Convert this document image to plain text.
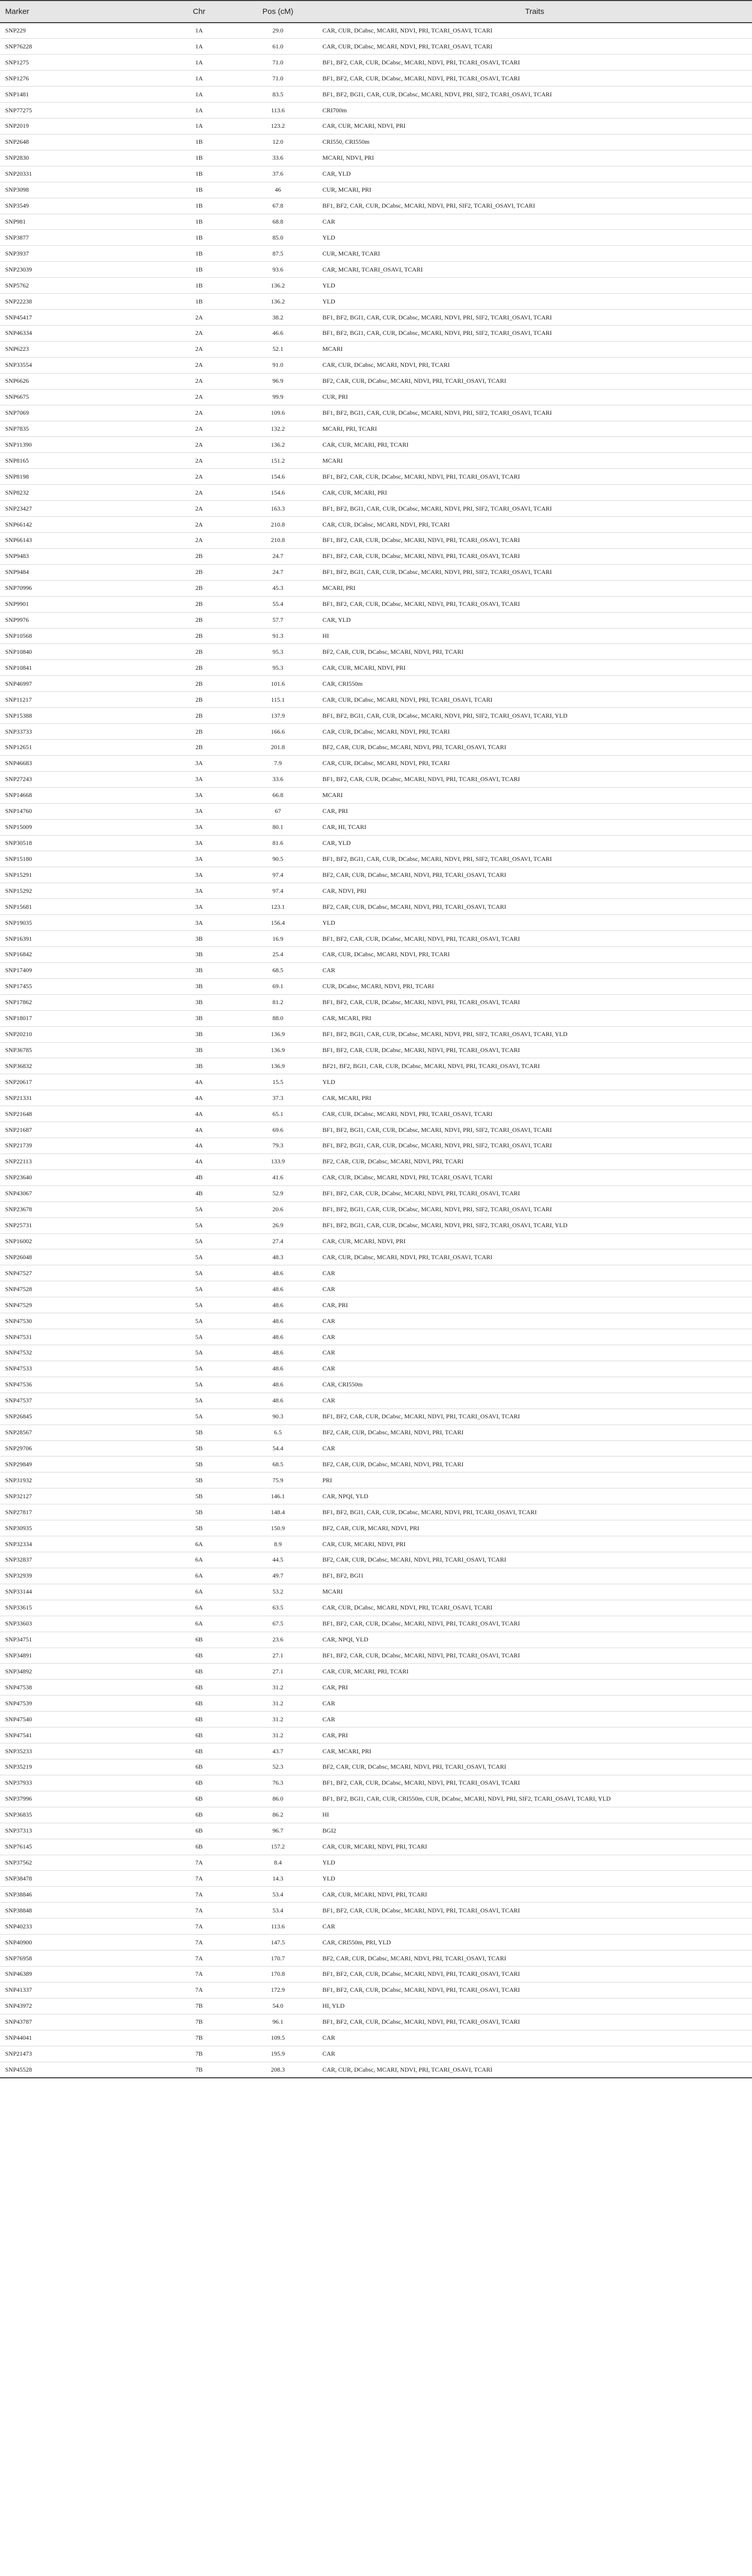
Marker	Chr	Pos (cM)	Traits
SNP229	1A	29.0	CAR, CUR, DCabsc, MCARI, NDVI, PRI, TCARI_OSAVI, TCARI
SNP76228	1A	61.0	CAR, CUR, DCabsc, MCARI, NDVI, PRI, TCARI_OSAVI, TCARI
SNP1275	1A	71.0	BF1, BF2, CAR, CUR, DCabsc, MCARI, NDVI, PRI, TCARI_OSAVI, TCARI
SNP1276	1A	71.0	BF1, BF2, CAR, CUR, DCabsc, MCARI, NDVI, PRI, TCARI_OSAVI, TCARI
SNP1481	1A	83.5	BF1, BF2, BGI1, CAR, CUR, DCabsc, MCARI, NDVI, PRI, SIF2, TCARI_OSAVI, TCARI
SNP77275	1A	113.6	CRI700m
SNP2019	1A	123.2	CAR, CUR, MCARI, NDVI, PRI
SNP2648	1B	12.0	CRI550, CRI550m
SNP2830	1B	33.6	MCARI, NDVI, PRI
SNP20331	1B	37.6	CAR, YLD
SNP3098	1B	46	CUR, MCARI, PRI
SNP3549	1B	67.8	BF1, BF2, CAR, CUR, DCabsc, MCARI, NDVI, PRI, SIF2, TCARI_OSAVI, TCARI
SNP981	1B	68.8	CAR
SNP3877	1B	85.0	YLD
SNP3937	1B	87.5	CUR, MCARI, TCARI
SNP23039	1B	93.6	CAR, MCARI, TCARI_OSAVI, TCARI
SNP5762	1B	136.2	YLD
SNP22238	1B	136.2	YLD
SNP45417	2A	38.2	BF1, BF2, BGI1, CAR, CUR, DCabsc, MCARI, NDVI, PRI, SIF2, TCARI_OSAVI, TCARI
SNP46334	2A	46.6	BF1, BF2, BGI1, CAR, CUR, DCabsc, MCARI, NDVI, PRI, SIF2, TCARI_OSAVI, TCARI
SNP6223	2A	52.1	MCARI
SNP33554	2A	91.0	CAR, CUR, DCabsc, MCARI, NDVI, PRI, TCARI
SNP6626	2A	96.9	BF2, CAR, CUR, DCabsc, MCARI, NDVI, PRI, TCARI_OSAVI, TCARI
SNP6675	2A	99.9	CUR, PRI
SNP7069	2A	109.6	BF1, BF2, BGI1, CAR, CUR, DCabsc, MCARI, NDVI, PRI, SIF2, TCARI_OSAVI, TCARI
SNP7835	2A	132.2	MCARI, PRI, TCARI
SNP11390	2A	136.2	CAR, CUR, MCARI, PRI, TCARI
SNP8165	2A	151.2	MCARI
SNP8198	2A	154.6	BF1, BF2, CAR, CUR, DCabsc, MCARI, NDVI, PRI, TCARI_OSAVI, TCARI
SNP8232	2A	154.6	CAR, CUR, MCARI, PRI
SNP23427	2A	163.3	BF1, BF2, BGI1, CAR, CUR, DCabsc, MCARI, NDVI, PRI, SIF2, TCARI_OSAVI, TCARI
SNP66142	2A	210.8	CAR, CUR, DCabsc, MCARI, NDVI, PRI, TCARI
SNP66143	2A	210.8	BF1, BF2, CAR, CUR, DCabsc, MCARI, NDVI, PRI, TCARI_OSAVI, TCARI
SNP9483	2B	24.7	BF1, BF2, CAR, CUR, DCabsc, MCARI, NDVI, PRI, TCARI_OSAVI, TCARI
SNP9484	2B	24.7	BF1, BF2, BGI1, CAR, CUR, DCabsc, MCARI, NDVI, PRI, SIF2, TCARI_OSAVI, TCARI
SNP70996	2B	45.3	MCARI, PRI
SNP9901	2B	55.4	BF1, BF2, CAR, CUR, DCabsc, MCARI, NDVI, PRI, TCARI_OSAVI, TCARI
SNP9976	2B	57.7	CAR, YLD
SNP10568	2B	91.3	HI
SNP10840	2B	95.3	BF2, CAR, CUR, DCabsc, MCARI, NDVI, PRI, TCARI
SNP10841	2B	95.3	CAR, CUR, MCARI, NDVI, PRI
SNP46997	2B	101.6	CAR, CRI550m
SNP11217	2B	115.1	CAR, CUR, DCabsc, MCARI, NDVI, PRI, TCARI_OSAVI, TCARI
SNP15388	2B	137.9	BF1, BF2, BGI1, CAR, CUR, DCabsc, MCARI, NDVI, PRI, SIF2, TCARI_OSAVI, TCARI, YLD
SNP33733	2B	166.6	CAR, CUR, DCabsc, MCARI, NDVI, PRI, TCARI
SNP12651	2B	201.8	BF2, CAR, CUR, DCabsc, MCARI, NDVI, PRI, TCARI_OSAVI, TCARI
SNP46683	3A	7.9	CAR, CUR, DCabsc, MCARI, NDVI, PRI, TCARI
SNP27243	3A	33.6	BF1, BF2, CAR, CUR, DCabsc, MCARI, NDVI, PRI, TCARI_OSAVI, TCARI
SNP14668	3A	66.8	MCARI
SNP14760	3A	67	CAR, PRI
SNP15009	3A	80.1	CAR, HI, TCARI
SNP30518	3A	81.6	CAR, YLD
SNP15180	3A	90.5	BF1, BF2, BGI1, CAR, CUR, DCabsc, MCARI, NDVI, PRI, SIF2, TCARI_OSAVI, TCARI
SNP15291	3A	97.4	BF2, CAR, CUR, DCabsc, MCARI, NDVI, PRI, TCARI_OSAVI, TCARI
SNP15292	3A	97.4	CAR, NDVI, PRI
SNP15681	3A	123.1	BF2, CAR, CUR, DCabsc, MCARI, NDVI, PRI, TCARI_OSAVI, TCARI
SNP19035	3A	156.4	YLD
SNP16391	3B	16.9	BF1, BF2, CAR, CUR, DCabsc, MCARI, NDVI, PRI, TCARI_OSAVI, TCARI
SNP16842	3B	25.4	CAR, CUR, DCabsc, MCARI, NDVI, PRI, TCARI
SNP17409	3B	68.5	CAR
SNP17455	3B	69.1	CUR, DCabsc, MCARI, NDVI, PRI, TCARI
SNP17862	3B	81.2	BF1, BF2, CAR, CUR, DCabsc, MCARI, NDVI, PRI, TCARI_OSAVI, TCARI
SNP18017	3B	88.0	CAR, MCARI, PRI
SNP20210	3B	136.9	BF1, BF2, BGI1, CAR, CUR, DCabsc, MCARI, NDVI, PRI, SIF2, TCARI_OSAVI, TCARI, YLD
SNP36785	3B	136.9	BF1, BF2, CAR, CUR, DCabsc, MCARI, NDVI, PRI, TCARI_OSAVI, TCARI
SNP36832	3B	136.9	BF21, BF2, BGI1, CAR, CUR, DCabsc, MCARI, NDVI, PRI, TCARI_OSAVI, TCARI
SNP20617	4A	15.5	YLD
SNP21331	4A	37.3	CAR, MCARI, PRI
SNP21648	4A	65.1	CAR, CUR, DCabsc, MCARI, NDVI, PRI, TCARI_OSAVI, TCARI
SNP21687	4A	69.6	BF1, BF2, BGI1, CAR, CUR, DCabsc, MCARI, NDVI, PRI, SIF2, TCARI_OSAVI, TCARI
SNP21739	4A	79.3	BF1, BF2, BGI1, CAR, CUR, DCabsc, MCARI, NDVI, PRI, SIF2, TCARI_OSAVI, TCARI
SNP22113	4A	133.9	BF2, CAR, CUR, DCabsc, MCARI, NDVI, PRI, TCARI
SNP23640	4B	41.6	CAR, CUR, DCabsc, MCARI, NDVI, PRI, TCARI_OSAVI, TCARI
SNP43067	4B	52.9	BF1, BF2, CAR, CUR, DCabsc, MCARI, NDVI, PRI, TCARI_OSAVI, TCARI
SNP23678	5A	20.6	BF1, BF2, BGI1, CAR, CUR, DCabsc, MCARI, NDVI, PRI, SIF2, TCARI_OSAVI, TCARI
SNP25731	5A	26.9	BF1, BF2, BGI1, CAR, CUR, DCabsc, MCARI, NDVI, PRI, SIF2, TCARI_OSAVI, TCARI, YLD
SNP16002	5A	27.4	CAR, CUR, MCARI, NDVI, PRI
SNP26048	5A	48.3	CAR, CUR, DCabsc, MCARI, NDVI, PRI, TCARI_OSAVI, TCARI
SNP47527	5A	48.6	CAR
SNP47528	5A	48.6	CAR
SNP47529	5A	48.6	CAR, PRI
SNP47530	5A	48.6	CAR
SNP47531	5A	48.6	CAR
SNP47532	5A	48.6	CAR
SNP47533	5A	48.6	CAR
SNP47536	5A	48.6	CAR, CRI550m
SNP47537	5A	48.6	CAR
SNP26845	5A	90.3	BF1, BF2, CAR, CUR, DCabsc, MCARI, NDVI, PRI, TCARI_OSAVI, TCARI
SNP28567	5B	6.5	BF2, CAR, CUR, DCabsc, MCARI, NDVI, PRI, TCARI
SNP29706	5B	54.4	CAR
SNP29849	5B	68.5	BF2, CAR, CUR, DCabsc, MCARI, NDVI, PRI, TCARI
SNP31932	5B	75.9	PRI
SNP32127	5B	146.1	CAR, NPQI, YLD
SNP27817	5B	148.4	BF1, BF2, BGI1, CAR, CUR, DCabsc, MCARI, NDVI, PRI, TCARI_OSAVI, TCARI
SNP30935	5B	150.9	BF2, CAR, CUR, MCARI, NDVI, PRI
SNP32334	6A	8.9	CAR, CUR, MCARI, NDVI, PRI
SNP32837	6A	44.5	BF2, CAR, CUR, DCabsc, MCARI, NDVI, PRI, TCARI_OSAVI, TCARI
SNP32939	6A	49.7	BF1, BF2, BGI1
SNP33144	6A	53.2	MCARI
SNP33615	6A	63.5	CAR, CUR, DCabsc, MCARI, NDVI, PRI, TCARI_OSAVI, TCARI
SNP33603	6A	67.5	BF1, BF2, CAR, CUR, DCabsc, MCARI, NDVI, PRI, TCARI_OSAVI, TCARI
SNP34751	6B	23.6	CAR, NPQI, YLD
SNP34891	6B	27.1	BF1, BF2, CAR, CUR, DCabsc, MCARI, NDVI, PRI, TCARI_OSAVI, TCARI
SNP34892	6B	27.1	CAR, CUR, MCARI, PRI, TCARI
SNP47538	6B	31.2	CAR, PRI
SNP47539	6B	31.2	CAR
SNP47540	6B	31.2	CAR
SNP47541	6B	31.2	CAR, PRI
SNP35233	6B	43.7	CAR, MCARI, PRI
SNP35219	6B	52.3	BF2, CAR, CUR, DCabsc, MCARI, NDVI, PRI, TCARI_OSAVI, TCARI
SNP37933	6B	76.3	BF1, BF2, CAR, CUR, DCabsc, MCARI, NDVI, PRI, TCARI_OSAVI, TCARI
SNP37996	6B	86.0	BF1, BF2, BGI1, CAR, CUR, CRI550m, CUR, DCabsc, MCARI, NDVI, PRI, SIF2, TCARI_OSAVI, TCARI, YLD
SNP36835	6B	86.2	HI
SNP37313	6B	96.7	BGI2
SNP76145	6B	157.2	CAR, CUR, MCARI, NDVI, PRI, TCARI
SNP37562	7A	8.4	YLD
SNP38478	7A	14.3	YLD
SNP38846	7A	53.4	CAR, CUR, MCARI, NDVI, PRI, TCARI
SNP38848	7A	53.4	BF1, BF2, CAR, CUR, DCabsc, MCARI, NDVI, PRI, TCARI_OSAVI, TCARI
SNP40233	7A	113.6	CAR
SNP40900	7A	147.5	CAR, CRI550m, PRI, YLD
SNP76958	7A	170.7	BF2, CAR, CUR, DCabsc, MCARI, NDVI, PRI, TCARI_OSAVI, TCARI
SNP46389	7A	170.8	BF1, BF2, CAR, CUR, DCabsc, MCARI, NDVI, PRI, TCARI_OSAVI, TCARI
SNP41337	7A	172.9	BF1, BF2, CAR, CUR, DCabsc, MCARI, NDVI, PRI, TCARI_OSAVI, TCARI
SNP43972	7B	54.0	HI, YLD
SNP43787	7B	96.1	BF1, BF2, CAR, CUR, DCabsc, MCARI, NDVI, PRI, TCARI_OSAVI, TCARI
SNP44041	7B	109.5	CAR
SNP21473	7B	195.9	CAR
SNP45528	7B	208.3	CAR, CUR, DCabsc, MCARI, NDVI, PRI, TCARI_OSAVI, TCARI
